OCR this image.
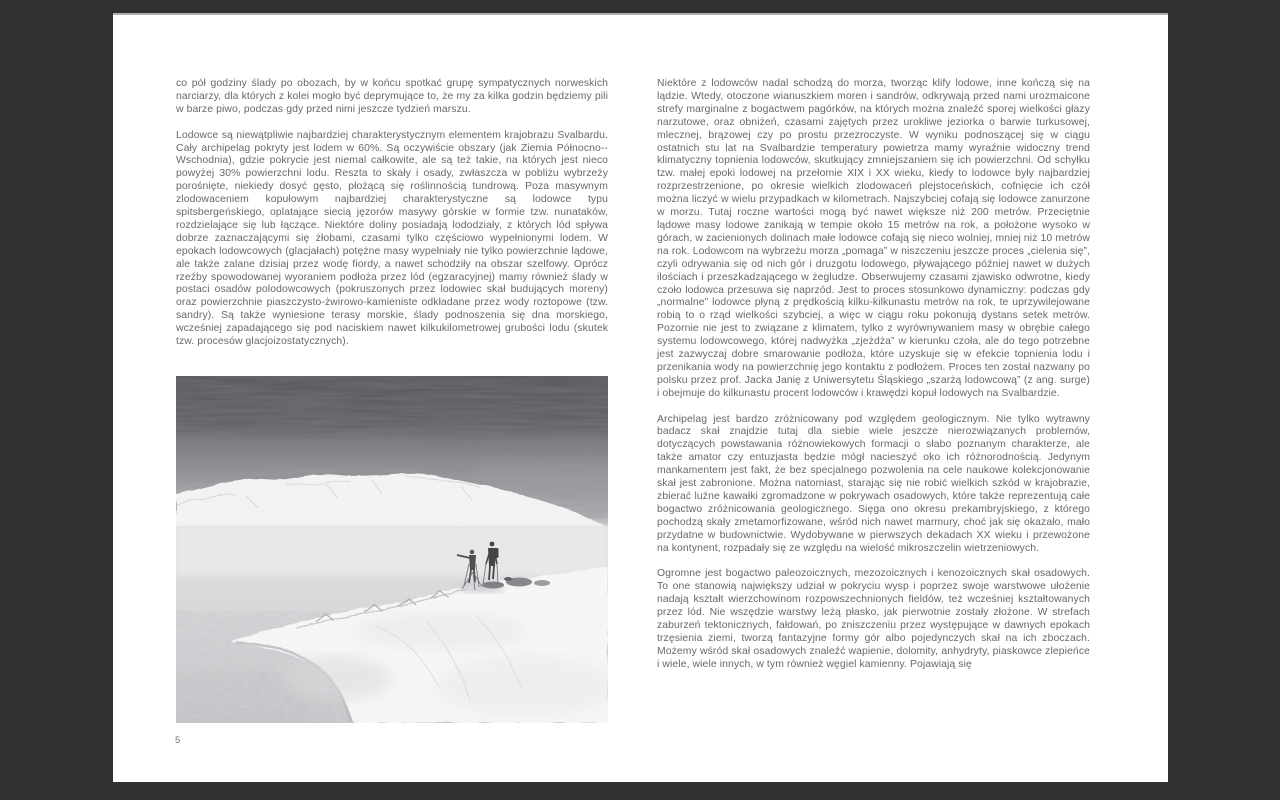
co pół godziny ślady po obozach, by w końcu spotkać grupę sympatycznych norweskich narciarzy, dla których z kolei mogło być deprymujące to, że my za kilka godzin będziemy pili w barze piwo, podczas gdy przed nimi jeszcze tydzień marszu.

Lodowce są niewątpliwie najbardziej charakterystycznym elementem krajobrazu Svalbardu. Cały archipelag pokryty jest lodem w 60%. Są oczywiście obszary (jak Ziemia Północno--Wschodnia), gdzie pokrycie jest niemal całkowite, ale są też takie, na których jest nieco powyżej 30% powierzchni lodu. Reszta to skały i osady, zwłaszcza w pobliżu wybrzeży porośnięte, niekiedy dosyć gęsto, płożącą się roślinnością tundrową. Poza masywnym zlodowaceniem kopułowym najbardziej charakterystyczne są lodowce typu spitsbergeńskiego, oplatające siecią jęzorów masywy górskie w formie tzw. nunataków, rozdzielające się lub łączące. Niektóre doliny posiadają lododziały, z których lód spływa dobrze zaznaczającymi się żłobami, czasami tylko częściowo wypełnionymi lodem. W epokach lodowcowych (glacjałach) potężne masy wypełniały nie tylko powierzchnie lądowe, ale także zalane dzisiaj przez wodę fiordy, a nawet schodziły na obszar szelfowy. Oprócz rzeźby spowodowanej wyoraniem podłoża przez lód (egzaracyjnej) mamy również ślady w postaci osadów polodowcowych (pokruszonych przez lodowiec skał budujących moreny) oraz powierzchnie piaszczysto-żwirowo-kamieniste odkładane przez wody roztopowe (tzw. sandry). Są także wyniesione terasy morskie, ślady podnoszenia się dna morskiego, wcześniej zapadającego się pod naciskiem nawet kilkukilometrowej grubości lodu (skutek tzw. procesów glacjoizostatycznych).

Niektóre z lodowców nadal schodzą do morza, tworząc klify lodowe, inne kończą się na lądzie. Wtedy, otoczone wianuszkiem moren i sandrów, odkrywają przed nami urozmaicone strefy marginalne z bogactwem pagórków, na których można znaleźć sporej wielkości głazy narzutowe, oraz obniżeń, czasami zajętych przez urokliwe jeziorka o barwie turkusowej, mlecznej, brązowej czy po prostu przezroczyste. W wyniku podnoszącej się w ciągu ostatnich stu lat na Svalbardzie temperatury powietrza mamy wyraźnie widoczny trend klimatyczny topnienia lodowców, skutkujący zmniejszaniem się ich powierzchni. Od schyłku tzw. małej epoki lodowej na przełomie XIX i XX wieku, kiedy to lodowce były najbardziej rozprzestrzenione, po okresie wielkich zlodowaceń plejstoceńskich, cofnięcie ich czół można liczyć w wielu przypadkach w kilometrach. Najszybciej cofają się lodowce zanurzone w morzu. Tutaj roczne wartości mogą być nawet większe niż 200 metrów. Przeciętnie lądowe masy lodowe zanikają w tempie około 15 metrów na rok, a położone wysoko w górach, w zacienionych dolinach małe lodowce cofają się nieco wolniej, mniej niż 10 metrów na rok. Lodowcom na wybrzeżu morza „pomaga” w niszczeniu jeszcze proces „cielenia się”, czyli odrywania się od nich gór i druzgotu lodowego, pływającego później nawet w dużych ilościach i przeszkadzającego w żegludze. Obserwujemy czasami zjawisko odwrotne, kiedy czoło lodowca przesuwa się naprzód. Jest to proces stosunkowo dynamiczny: podczas gdy „normalne” lodowce płyną z prędkością kilku-kilkunastu metrów na rok, te uprzywilejowane robią to o rząd wielkości szybciej, a więc w ciągu roku pokonują dystans setek metrów. Pozornie nie jest to związane z klimatem, tylko z wyrównywaniem masy w obrębie całego systemu lodowcowego, której nadwyżka „zjeżdża” w kierunku czoła, ale do tego potrzebne jest zazwyczaj dobre smarowanie podłoża, które uzyskuje się w efekcie topnienia lodu i przenikania wody na powierzchnię jego kontaktu z podłożem. Proces ten został nazwany po polsku przez prof. Jacka Janię z Uniwersytetu Śląskiego „szarżą lodowcową” (z ang. surge) i obejmuje do kilkunastu procent lodowców i krawędzi kopuł lodowych na Svalbardzie.

Archipelag jest bardzo zróżnicowany pod względem geologicznym. Nie tylko wytrawny badacz skał znajdzie tutaj dla siebie wiele jeszcze nierozwiązanych problemów, dotyczących powstawania różnowiekowych formacji o słabo poznanym charakterze, ale także amator czy entuzjasta będzie mógł nacieszyć oko ich różnorodnością. Jedynym mankamentem jest fakt, że bez specjalnego pozwolenia na cele naukowe kolekcjonowanie skał jest zabronione. Można natomiast, starając się nie robić wielkich szkód w krajobrazie, zbierać luźne kawałki zgromadzone w pokrywach osadowych, które także reprezentują całe bogactwo zróżnicowania geologicznego. Sięga ono okresu prekambryjskiego, z którego pochodzą skały zmetamorfizowane, wśród nich nawet marmury, choć jak się okazało, mało przydatne w budownictwie. Wydobywane w pierwszych dekadach XX wieku i przewożone na kontynent, rozpadały się ze względu na wielość mikroszczelin wietrzeniowych.

Ogromne jest bogactwo paleozoicznych, mezozoicznych i kenozoicznych skał osadowych. To one stanowią największy udział w pokryciu wysp i poprzez swoje warstwowe ułożenie nadają kształt wierzchowinom rozpowszechnionych fieldów, też wcześniej kształtowanych przez lód. Nie wszędzie warstwy leżą płasko, jak pierwotnie zostały złożone. W strefach zaburzeń tektonicznych, fałdowań, po zniszczeniu przez występujące w dawnych epokach trzęsienia ziemi, tworzą fantazyjne formy gór albo pojedynczych skał na ich zboczach. Możemy wśród skał osadowych znaleźć wapienie, dolomity, anhydryty, piaskowce zlepieńce i wiele, wiele innych, w tym również węgiel kamienny. Pojawiają się

5
